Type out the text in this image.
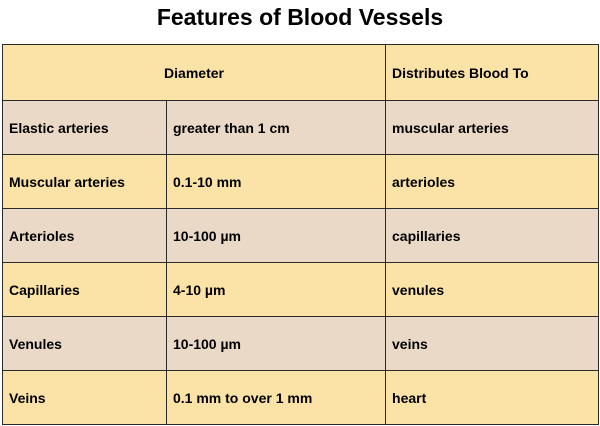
Features of Blood Vessels
Diameter		Distributes Blood To
Elastic arteries	greater than 1 cm	muscular arteries
Muscular arteries	0.1-10 mm	arterioles
Arterioles	10-100 µm	capillaries
Capillaries	4-10 µm	venules
Venules	10-100 µm	veins
Veins	0.1 mm to over 1 mm	heart
